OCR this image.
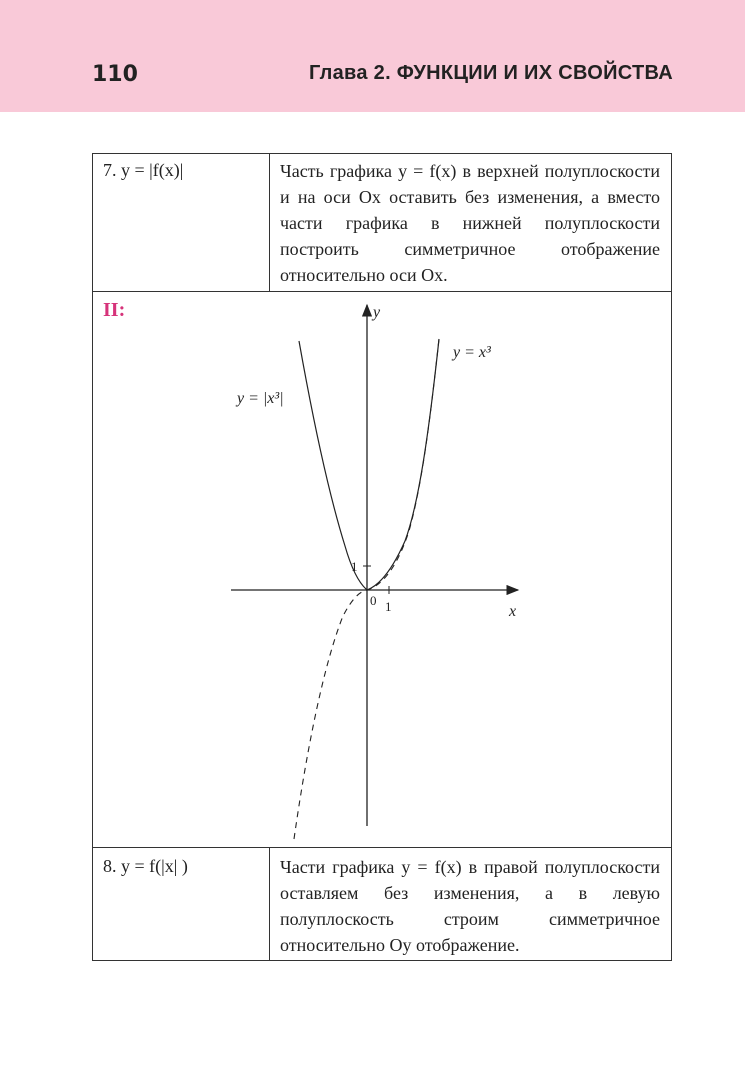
110	Глава 2. ФУНКЦИИ И ИХ СВОЙСТВА
7. y = |f(x)|	Часть графика y = f(x) в верхней полуплоскости и на оси Ox оставить без изменения, а вместо части графика в нижней полуплоскости построить симметричное отображение относительно оси Ox.
II:	y
x
0 1
1
y = |x³|
y = x³
8. y = f(|x| )	Части графика y = f(x) в правой полуплоскости оставляем без изменения, а в левую полуплоскость строим симметричное относительно Oy отображение.
